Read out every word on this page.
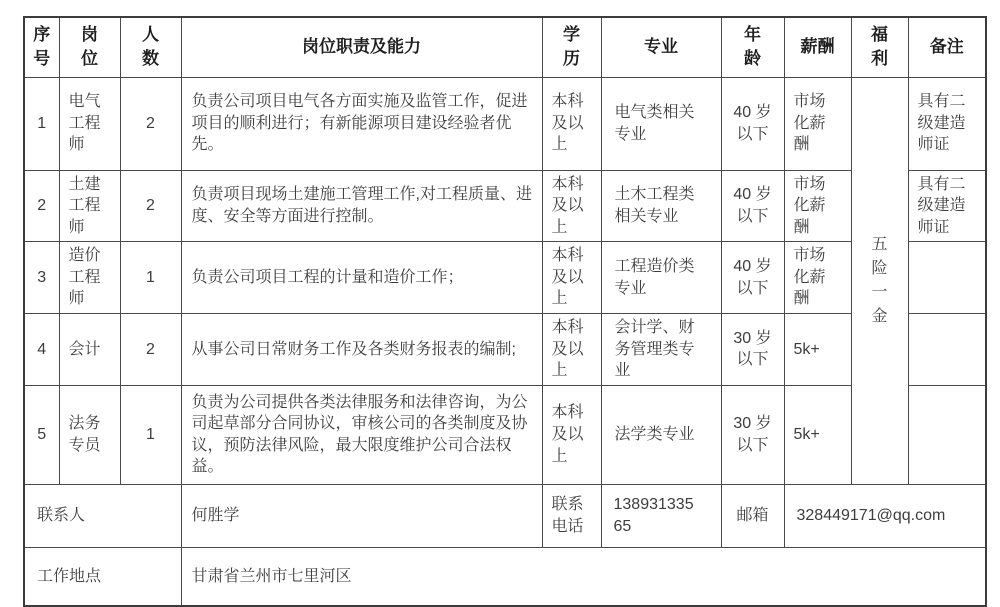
序号	岗位	人数	岗位职责及能力	学历	专业	年龄	薪酬	福利	备注
1	电气工程师	2	负责公司项目电气各方面实施及监管工作，促进项目的顺利进行；有新能源项目建设经验者优先。	本科及以上	电气类相关专业	40 岁以下	市场化薪酬	五险一金	具有二级建造师证
2	土建工程师	2	负责项目现场土建施工管理工作,对工程质量、进度、安全等方面进行控制。	本科及以上	土木工程类相关专业	40 岁以下	市场化薪酬		具有二级建造师证
3	造价工程师	1	负责公司项目工程的计量和造价工作；	本科及以上	工程造价类专业	40 岁以下	市场化薪酬		
4	会计	2	从事公司日常财务工作及各类财务报表的编制;	本科及以上	会计学、财务管理类专业	30 岁以下	5k+		
5	法务专员	1	负责为公司提供各类法律服务和法律咨询，为公司起草部分合同协议，审核公司的各类制度及协议，预防法律风险，最大限度维护公司合法权益。	本科及以上	法学类专业	30 岁以下	5k+		
联系人			何胜学	联系电话	13893133565	邮箱	328449171@qq.com		
工作地点			甘肃省兰州市七里河区						
